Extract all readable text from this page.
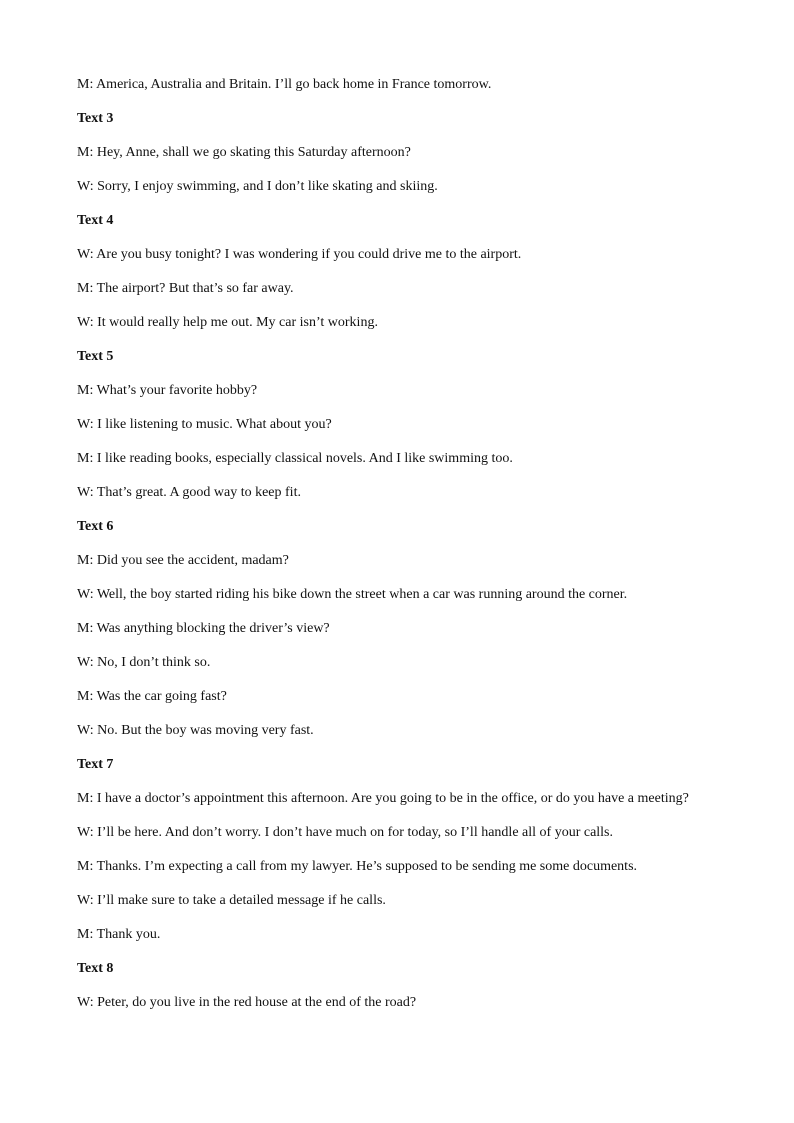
M: America, Australia and Britain. I’ll go back home in France tomorrow.

Text 3

M: Hey, Anne, shall we go skating this Saturday afternoon?

W: Sorry, I enjoy swimming, and I don’t like skating and skiing.

Text 4

W: Are you busy tonight? I was wondering if you could drive me to the airport.

M: The airport? But that’s so far away.

W: It would really help me out. My car isn’t working.

Text 5

M: What’s your favorite hobby?

W: I like listening to music. What about you?

M: I like reading books, especially classical novels. And I like swimming too.

W: That’s great. A good way to keep fit.

Text 6

M: Did you see the accident, madam?

W: Well, the boy started riding his bike down the street when a car was running around the corner.

M: Was anything blocking the driver’s view?

W: No, I don’t think so.

M: Was the car going fast?

W: No. But the boy was moving very fast.

Text 7

M: I have a doctor’s appointment this afternoon. Are you going to be in the office, or do you have a meeting?

W: I’ll be here. And don’t worry. I don’t have much on for today, so I’ll handle all of your calls.

M: Thanks. I’m expecting a call from my lawyer. He’s supposed to be sending me some documents.

W: I’ll make sure to take a detailed message if he calls.

M: Thank you.

Text 8

W: Peter, do you live in the red house at the end of the road?
